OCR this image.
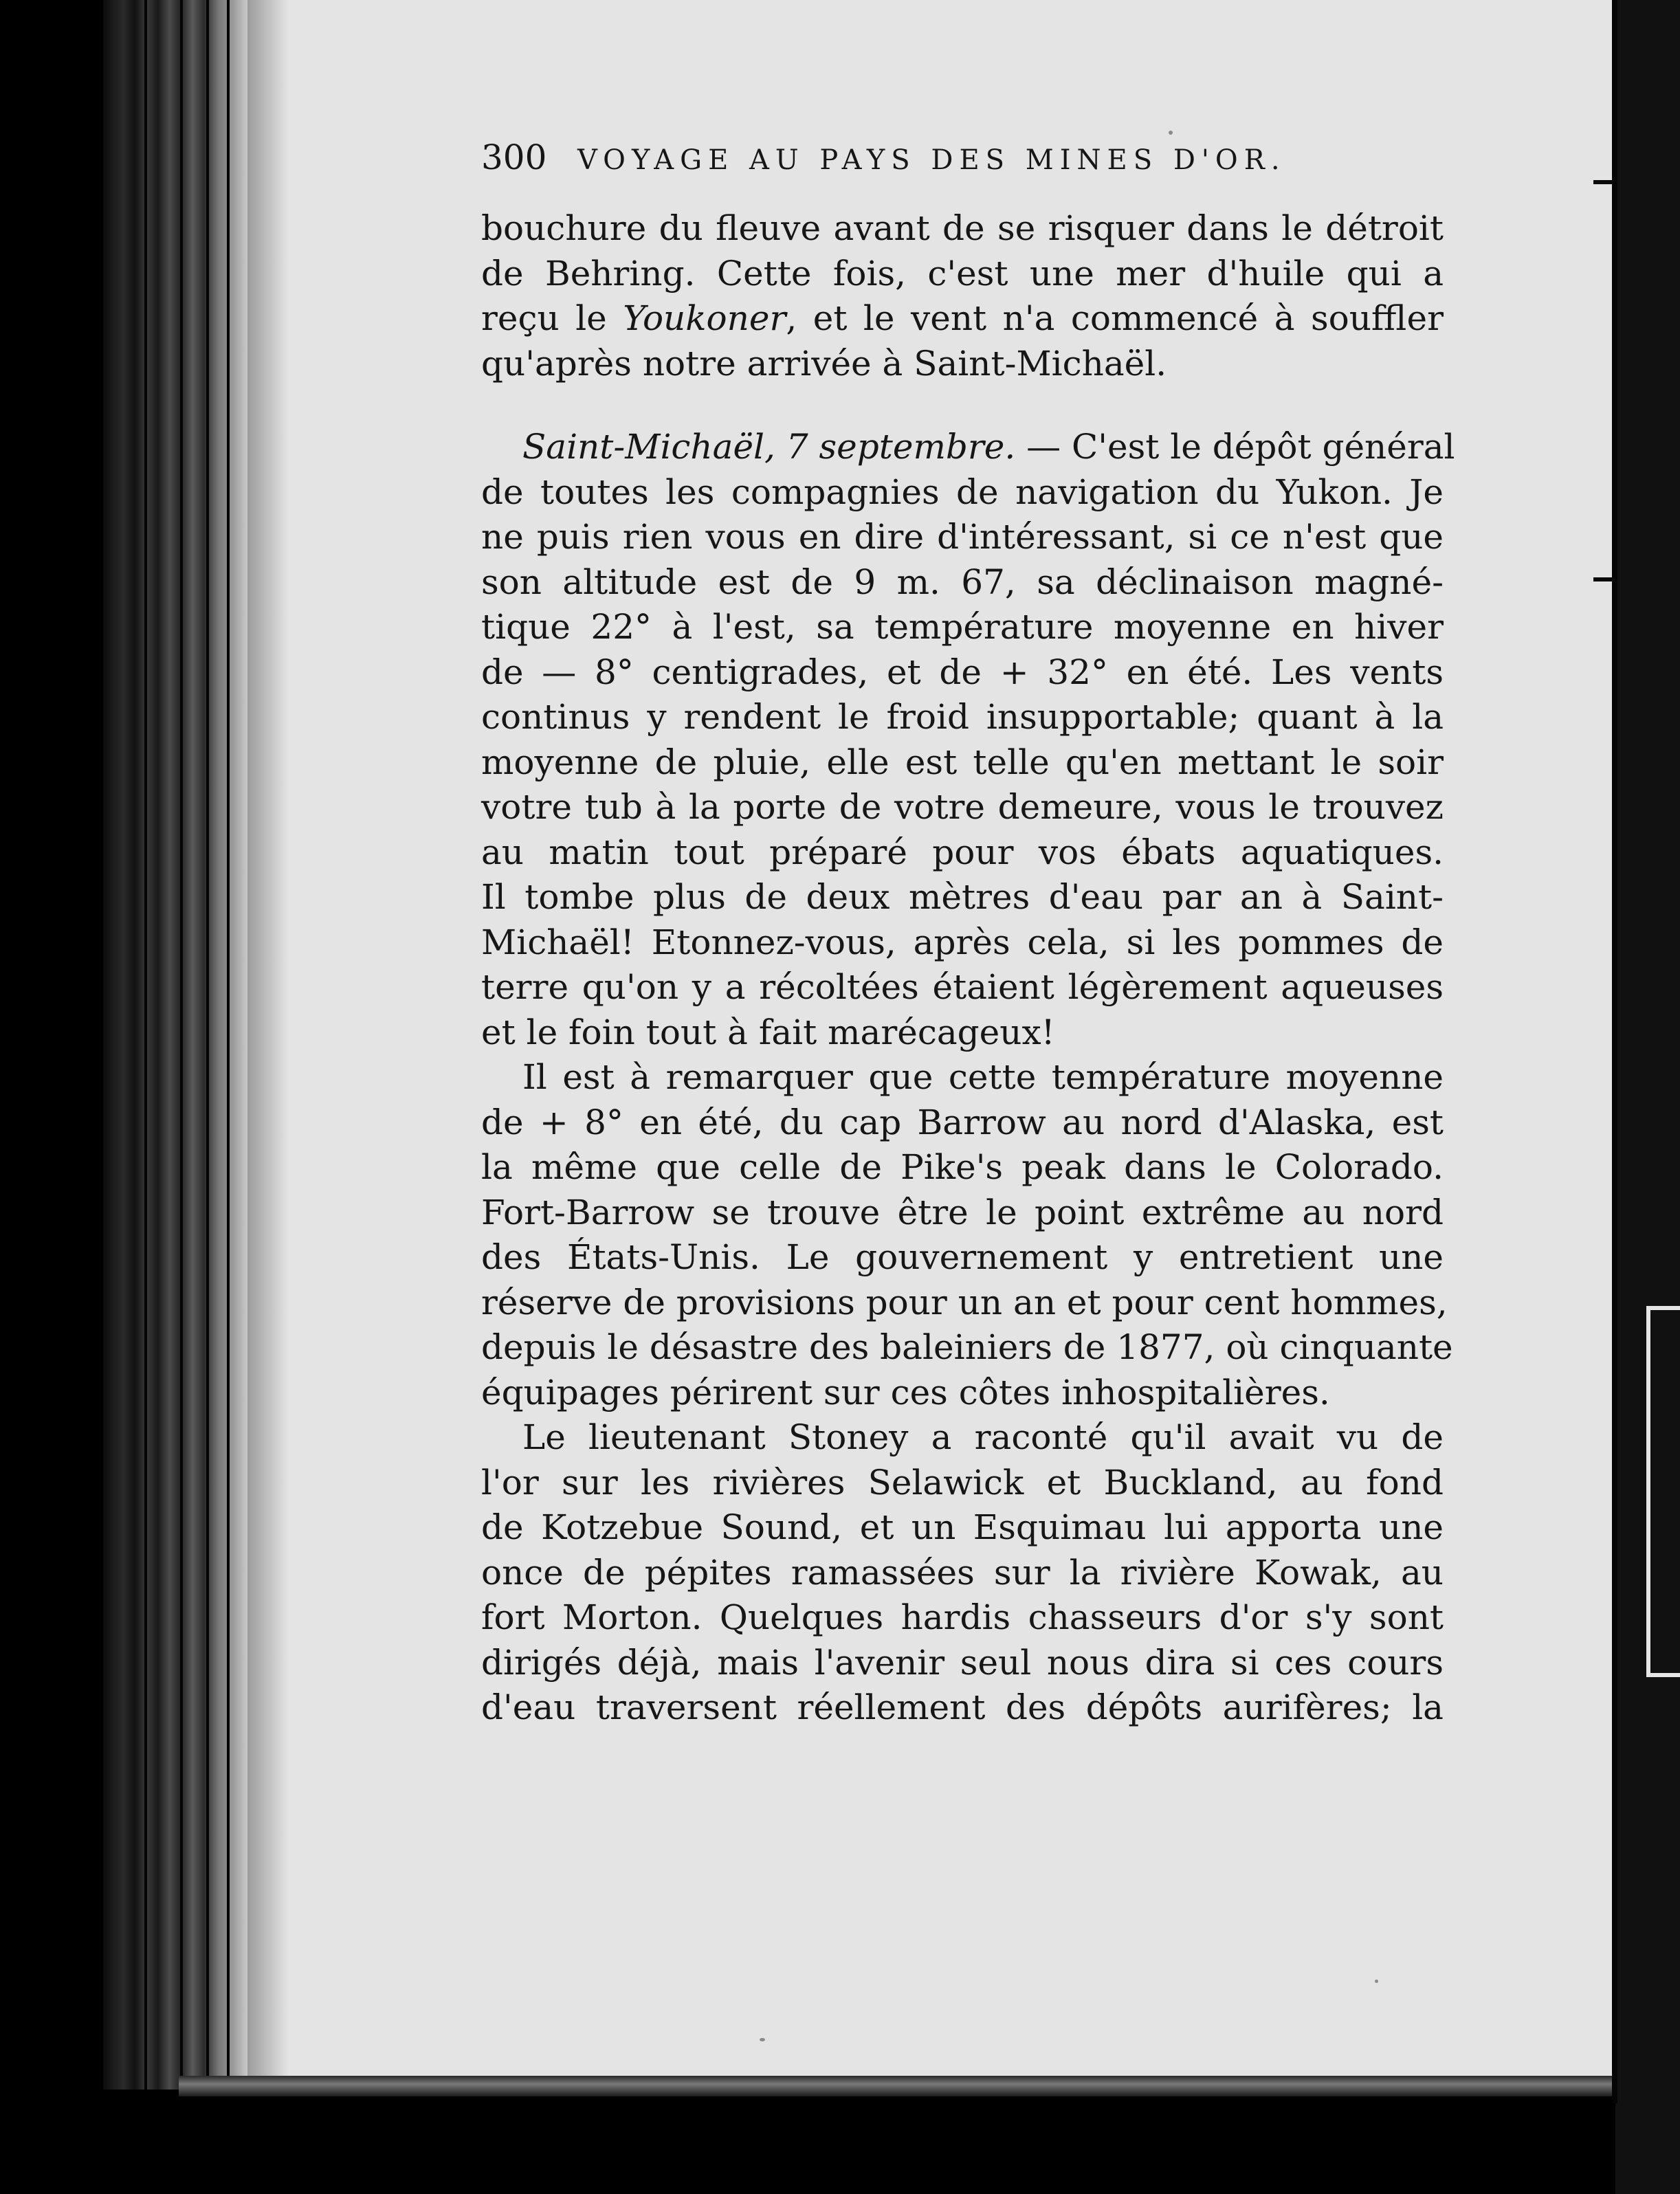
300	VOYAGE AU PAYS DES MINES D'OR.
bouchure du fleuve avant de se risquer dans le détroit
de Behring. Cette fois, c'est une mer d'huile qui a
reçu le Youkoner, et le vent n'a commencé à souffler
qu'après notre arrivée à Saint-Michaël.
Saint-Michaël, 7 septembre. — C'est le dépôt général
de toutes les compagnies de navigation du Yukon. Je
ne puis rien vous en dire d'intéressant, si ce n'est que
son altitude est de 9 m. 67, sa déclinaison magné-
tique 22° à l'est, sa température moyenne en hiver
de — 8° centigrades, et de + 32° en été. Les vents
continus y rendent le froid insupportable; quant à la
moyenne de pluie, elle est telle qu'en mettant le soir
votre tub à la porte de votre demeure, vous le trouvez
au matin tout préparé pour vos ébats aquatiques.
Il tombe plus de deux mètres d'eau par an à Saint-
Michaël! Etonnez-vous, après cela, si les pommes de
terre qu'on y a récoltées étaient légèrement aqueuses
et le foin tout à fait marécageux!
Il est à remarquer que cette température moyenne
de + 8° en été, du cap Barrow au nord d'Alaska, est
la même que celle de Pike's peak dans le Colorado.
Fort-Barrow se trouve être le point extrême au nord
des États-Unis. Le gouvernement y entretient une
réserve de provisions pour un an et pour cent hommes,
depuis le désastre des baleiniers de 1877, où cinquante
équipages périrent sur ces côtes inhospitalières.
Le lieutenant Stoney a raconté qu'il avait vu de
l'or sur les rivières Selawick et Buckland, au fond
de Kotzebue Sound, et un Esquimau lui apporta une
once de pépites ramassées sur la rivière Kowak, au
fort Morton. Quelques hardis chasseurs d'or s'y sont
dirigés déjà, mais l'avenir seul nous dira si ces cours
d'eau traversent réellement des dépôts aurifères; la
